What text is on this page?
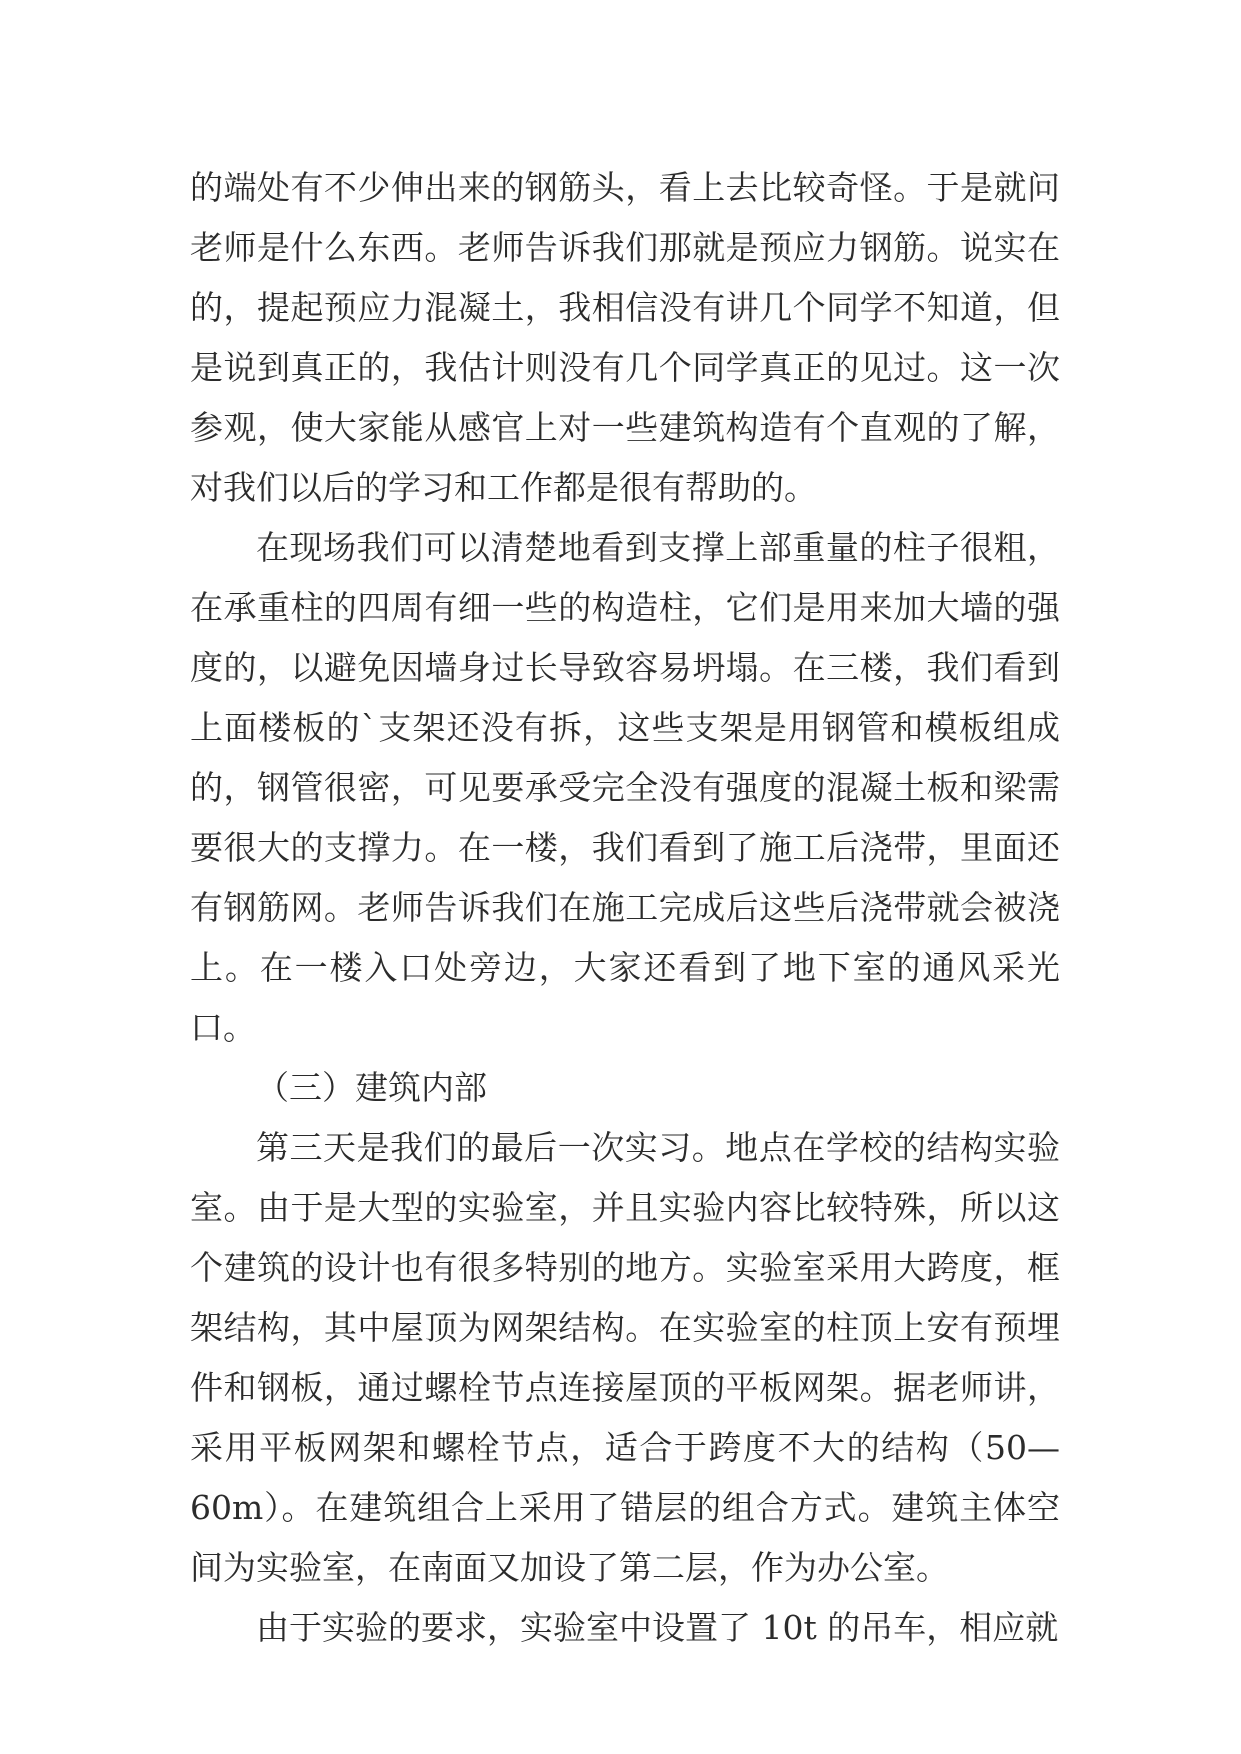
的端处有不少伸出来的钢筋头，看上去比较奇怪。于是就问老师是什么东西。老师告诉我们那就是预应力钢筋。说实在的，提起预应力混凝土，我相信没有讲几个同学不知道，但是说到真正的，我估计则没有几个同学真正的见过。这一次参观，使大家能从感官上对一些建筑构造有个直观的了解，对我们以后的学习和工作都是很有帮助的。

在现场我们可以清楚地看到支撑上部重量的柱子很粗，在承重柱的四周有细一些的构造柱，它们是用来加大墙的强度的，以避免因墙身过长导致容易坍塌。在三楼，我们看到上面楼板的`支架还没有拆，这些支架是用钢管和模板组成的，钢管很密，可见要承受完全没有强度的混凝土板和梁需要很大的支撑力。在一楼，我们看到了施工后浇带，里面还有钢筋网。老师告诉我们在施工完成后这些后浇带就会被浇上。在一楼入口处旁边，大家还看到了地下室的通风采光口。

（三）建筑内部

第三天是我们的最后一次实习。地点在学校的结构实验室。由于是大型的实验室，并且实验内容比较特殊，所以这个建筑的设计也有很多特别的地方。实验室采用大跨度，框架结构，其中屋顶为网架结构。在实验室的柱顶上安有预埋件和钢板，通过螺栓节点连接屋顶的平板网架。据老师讲，采用平板网架和螺栓节点，适合于跨度不大的结构（50—60m）。在建筑组合上采用了错层的组合方式。建筑主体空间为实验室，在南面又加设了第二层，作为办公室。

由于实验的要求，实验室中设置了 10t 的吊车，相应就
